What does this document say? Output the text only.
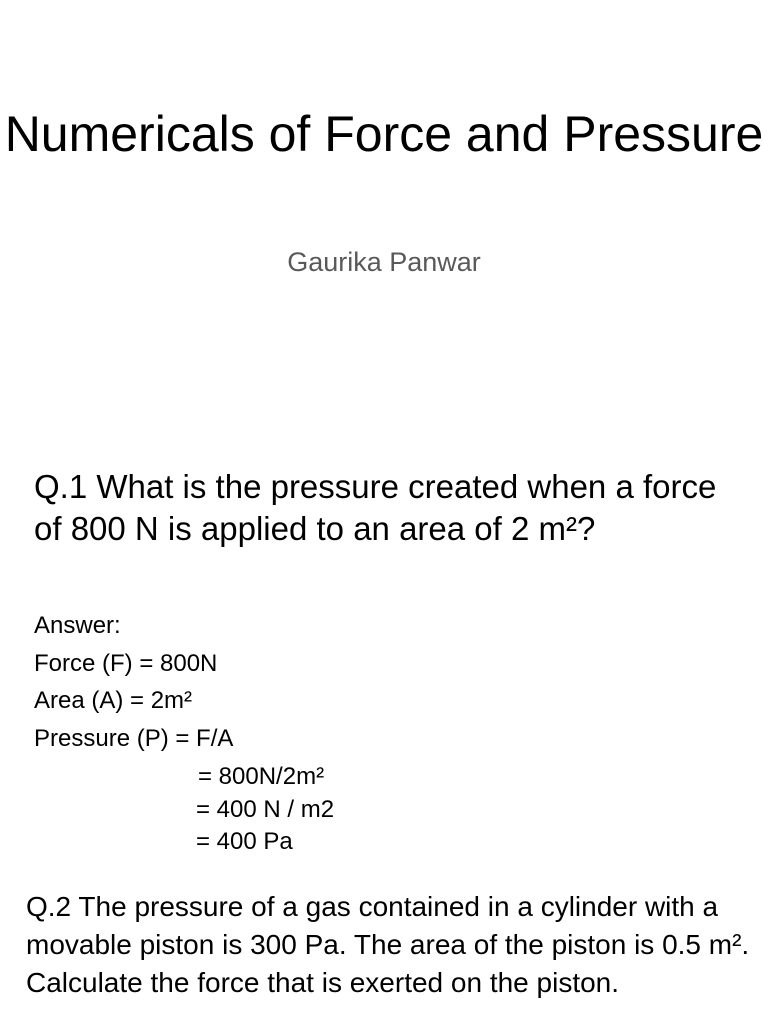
Numericals of Force and Pressure
Gaurika Panwar
Q.1 What is the pressure created when a force of 800 N is applied to an area of 2 m²?
Answer:
Force (F) = 800N
Area (A) = 2m²
Pressure (P) = F/A
= 800N/2m²
= 400 N / m2
= 400 Pa

Q.2 The pressure of a gas contained in a cylinder with a movable piston is 300 Pa. The area of the piston is 0.5 m². Calculate the force that is exerted on the piston.
